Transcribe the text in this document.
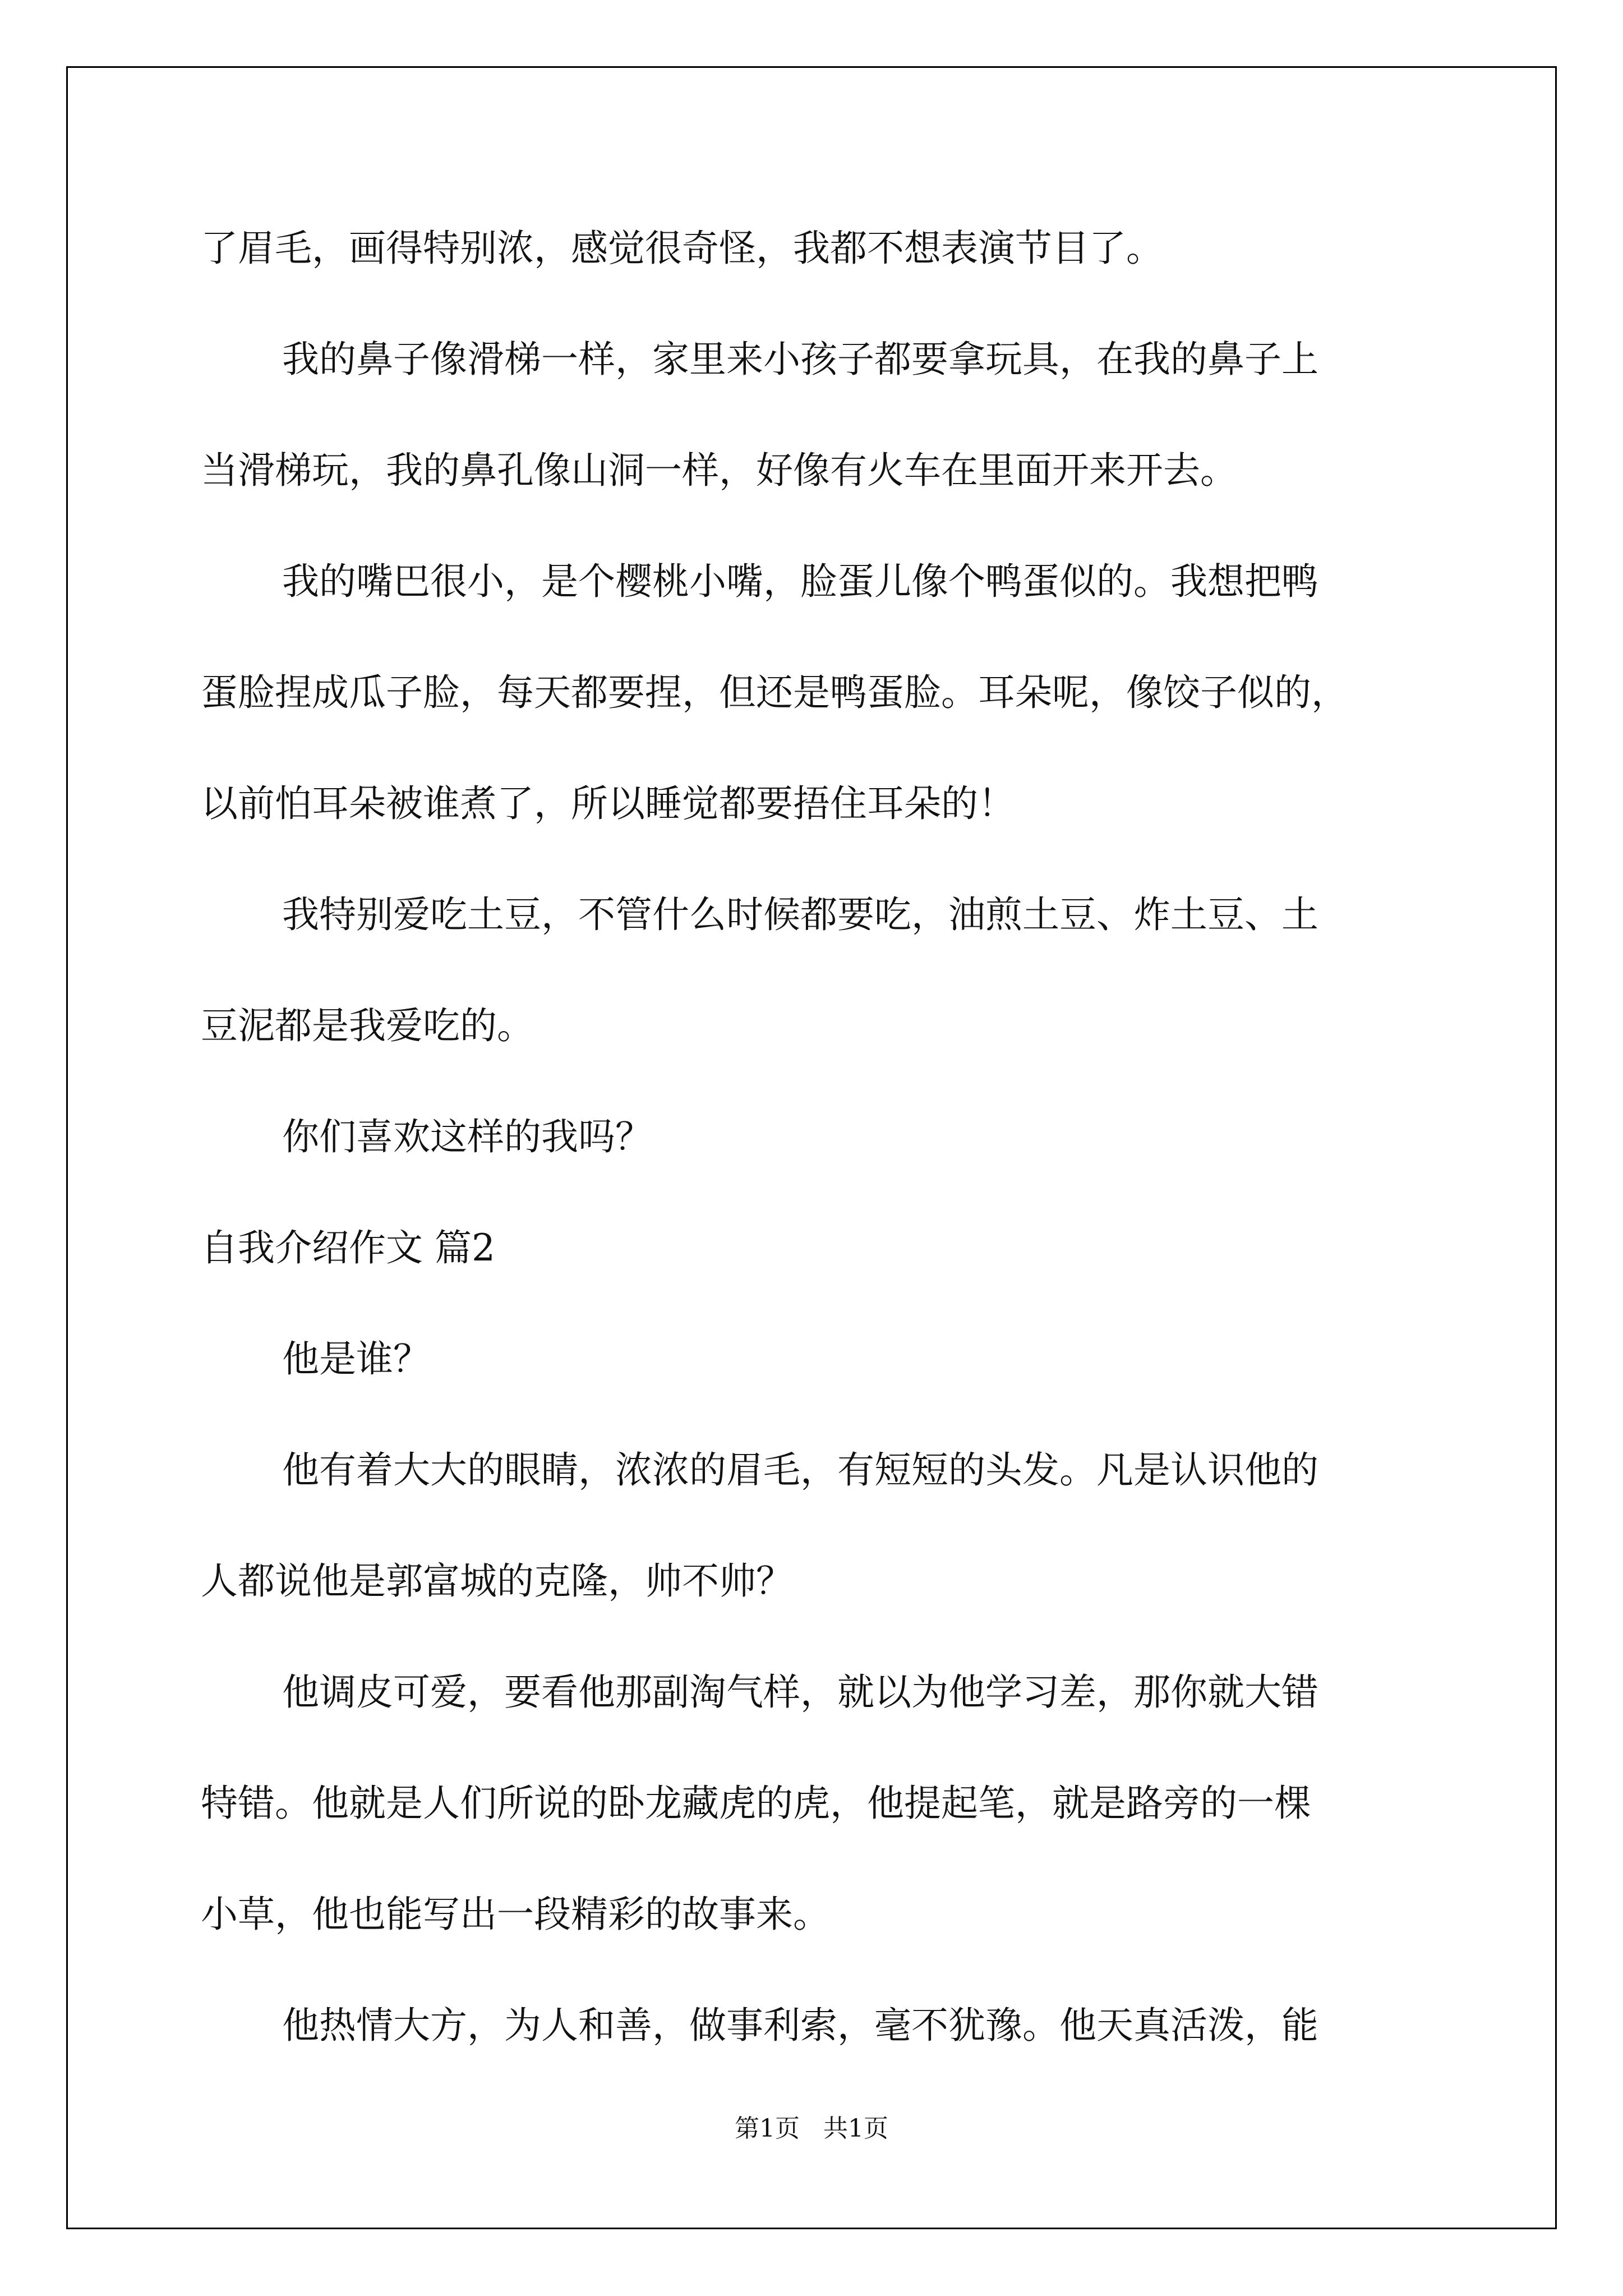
了眉毛，画得特别浓，感觉很奇怪，我都不想表演节目了。

我的鼻子像滑梯一样，家里来小孩子都要拿玩具，在我的鼻子上

当滑梯玩，我的鼻孔像山洞一样，好像有火车在里面开来开去。

我的嘴巴很小，是个樱桃小嘴，脸蛋儿像个鸭蛋似的。我想把鸭

蛋脸捏成瓜子脸，每天都要捏，但还是鸭蛋脸。耳朵呢，像饺子似的，

以前怕耳朵被谁煮了，所以睡觉都要捂住耳朵的！

我特别爱吃土豆，不管什么时候都要吃，油煎土豆、炸土豆、土

豆泥都是我爱吃的。

你们喜欢这样的我吗？

自我介绍作文 篇2

他是谁？

他有着大大的眼睛，浓浓的眉毛，有短短的头发。凡是认识他的

人都说他是郭富城的克隆，帅不帅？

他调皮可爱，要看他那副淘气样，就以为他学习差，那你就大错

特错。他就是人们所说的卧龙藏虎的虎，他提起笔，就是路旁的一棵

小草，他也能写出一段精彩的故事来。

他热情大方，为人和善，做事利索，毫不犹豫。他天真活泼，能

第1页   共1页
